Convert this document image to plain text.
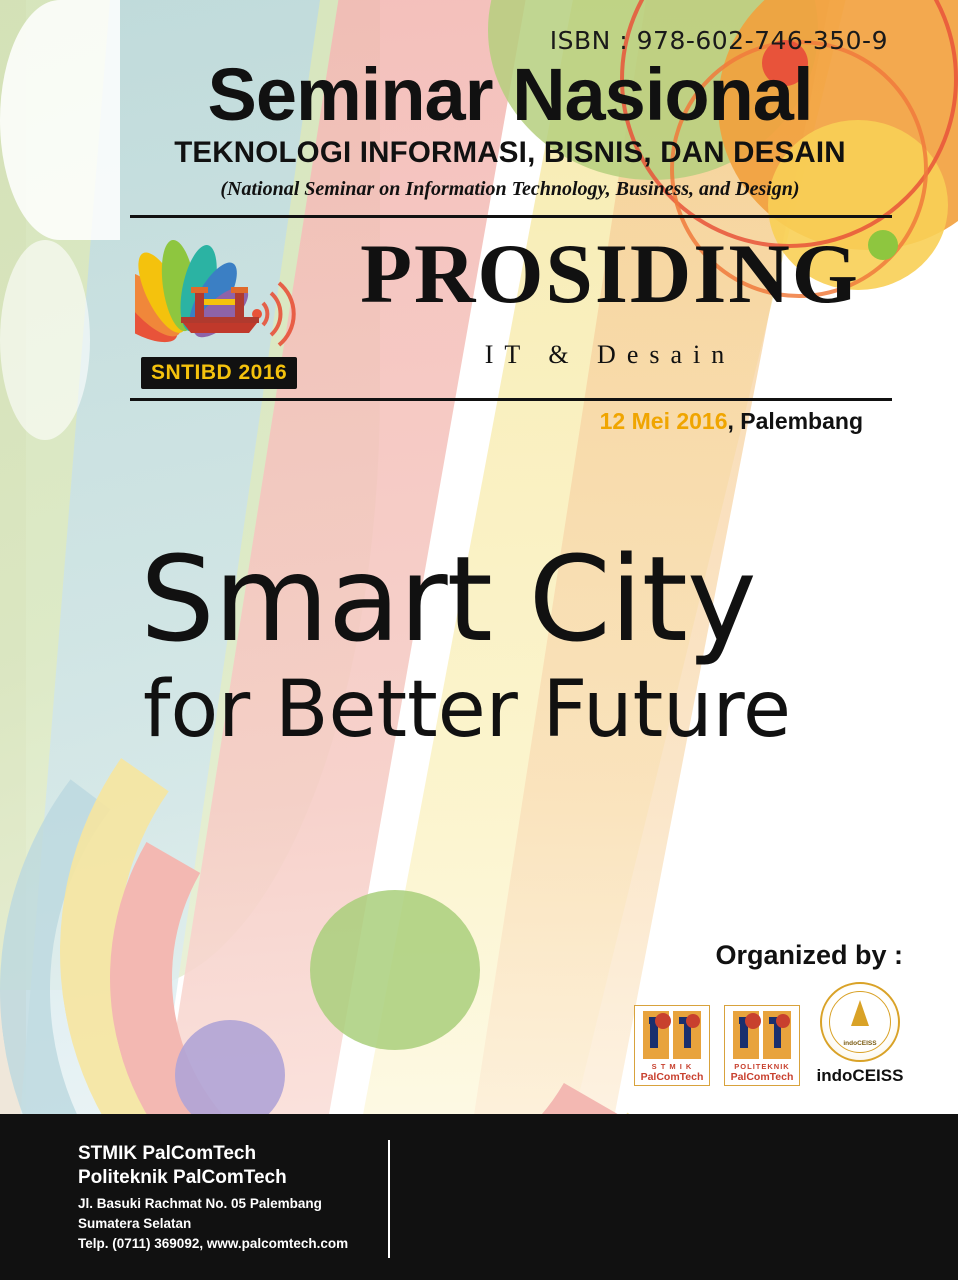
ISBN : 978-602-746-350-9
Seminar Nasional
TEKNOLOGI INFORMASI, BISNIS, DAN DESAIN
(National Seminar on Information Technology, Business, and Design)
SNTIBD 2016
PROSIDING
IT & Desain
12 Mei 2016, Palembang
Smart City
for Better Future
Organized by :
S T M I K
PalComTech
POLITEKNIK
PalComTech
indoCEISS
indoCEISS
STMIK PalComTech
Politeknik PalComTech
Jl. Basuki Rachmat No. 05 Palembang
Sumatera Selatan
Telp. (0711) 369092, www.palcomtech.com
